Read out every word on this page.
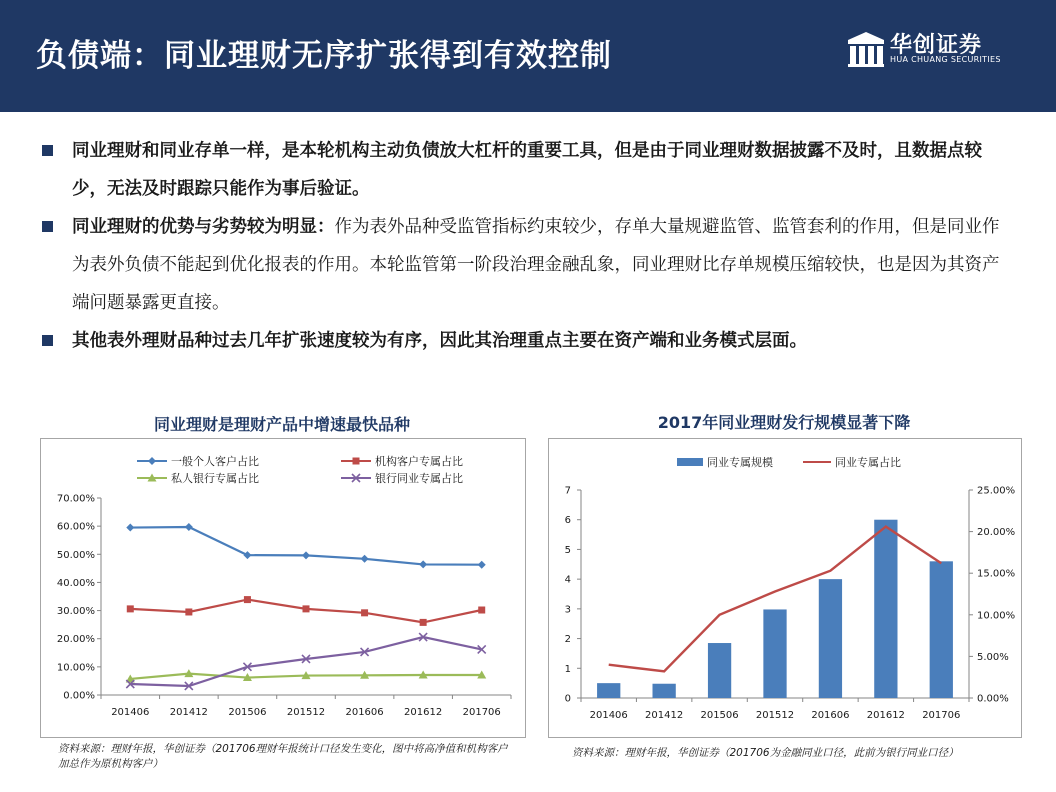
负债端：同业理财无序扩张得到有效控制	华创证券
HUA CHUANG SECURITIES
同业理财和同业存单一样，是本轮机构主动负债放大杠杆的重要工具，但是由于同业理财数据披露不及时，且数据点较少，无法及时跟踪只能作为事后验证。
同业理财的优势与劣势较为明显：作为表外品种受监管指标约束较少，存单大量规避监管、监管套利的作用，但是同业作为表外负债不能起到优化报表的作用。本轮监管第一阶段治理金融乱象，同业理财比存单规模压缩较快，也是因为其资产端问题暴露更直接。
其他表外理财品种过去几年扩张速度较为有序，因此其治理重点主要在资产端和业务模式层面。
同业理财是理财产品中增速最快品种
0.00%
10.00%
20.00%
30.00%
40.00%
50.00%
60.00%
70.00%
201406 201412 201506 201512 201606 201612 201706
一般个人客户占比	机构客户专属占比
私人银行专属占比	银行同业专属占比
资料来源：理财年报，华创证券（201706理财年报统计口径发生变化，图中将高净值和机构客户加总作为原机构客户）
2017年同业理财发行规模显著下降
0
1
2
3
4
5
6
7
0.00%
5.00%
10.00%
15.00%
20.00%
25.00%
201406 201412 201506 201512 201606 201612 201706
同业专属规模	同业专属占比
资料来源：理财年报，华创证券（201706为金融同业口径，此前为银行同业口径）
